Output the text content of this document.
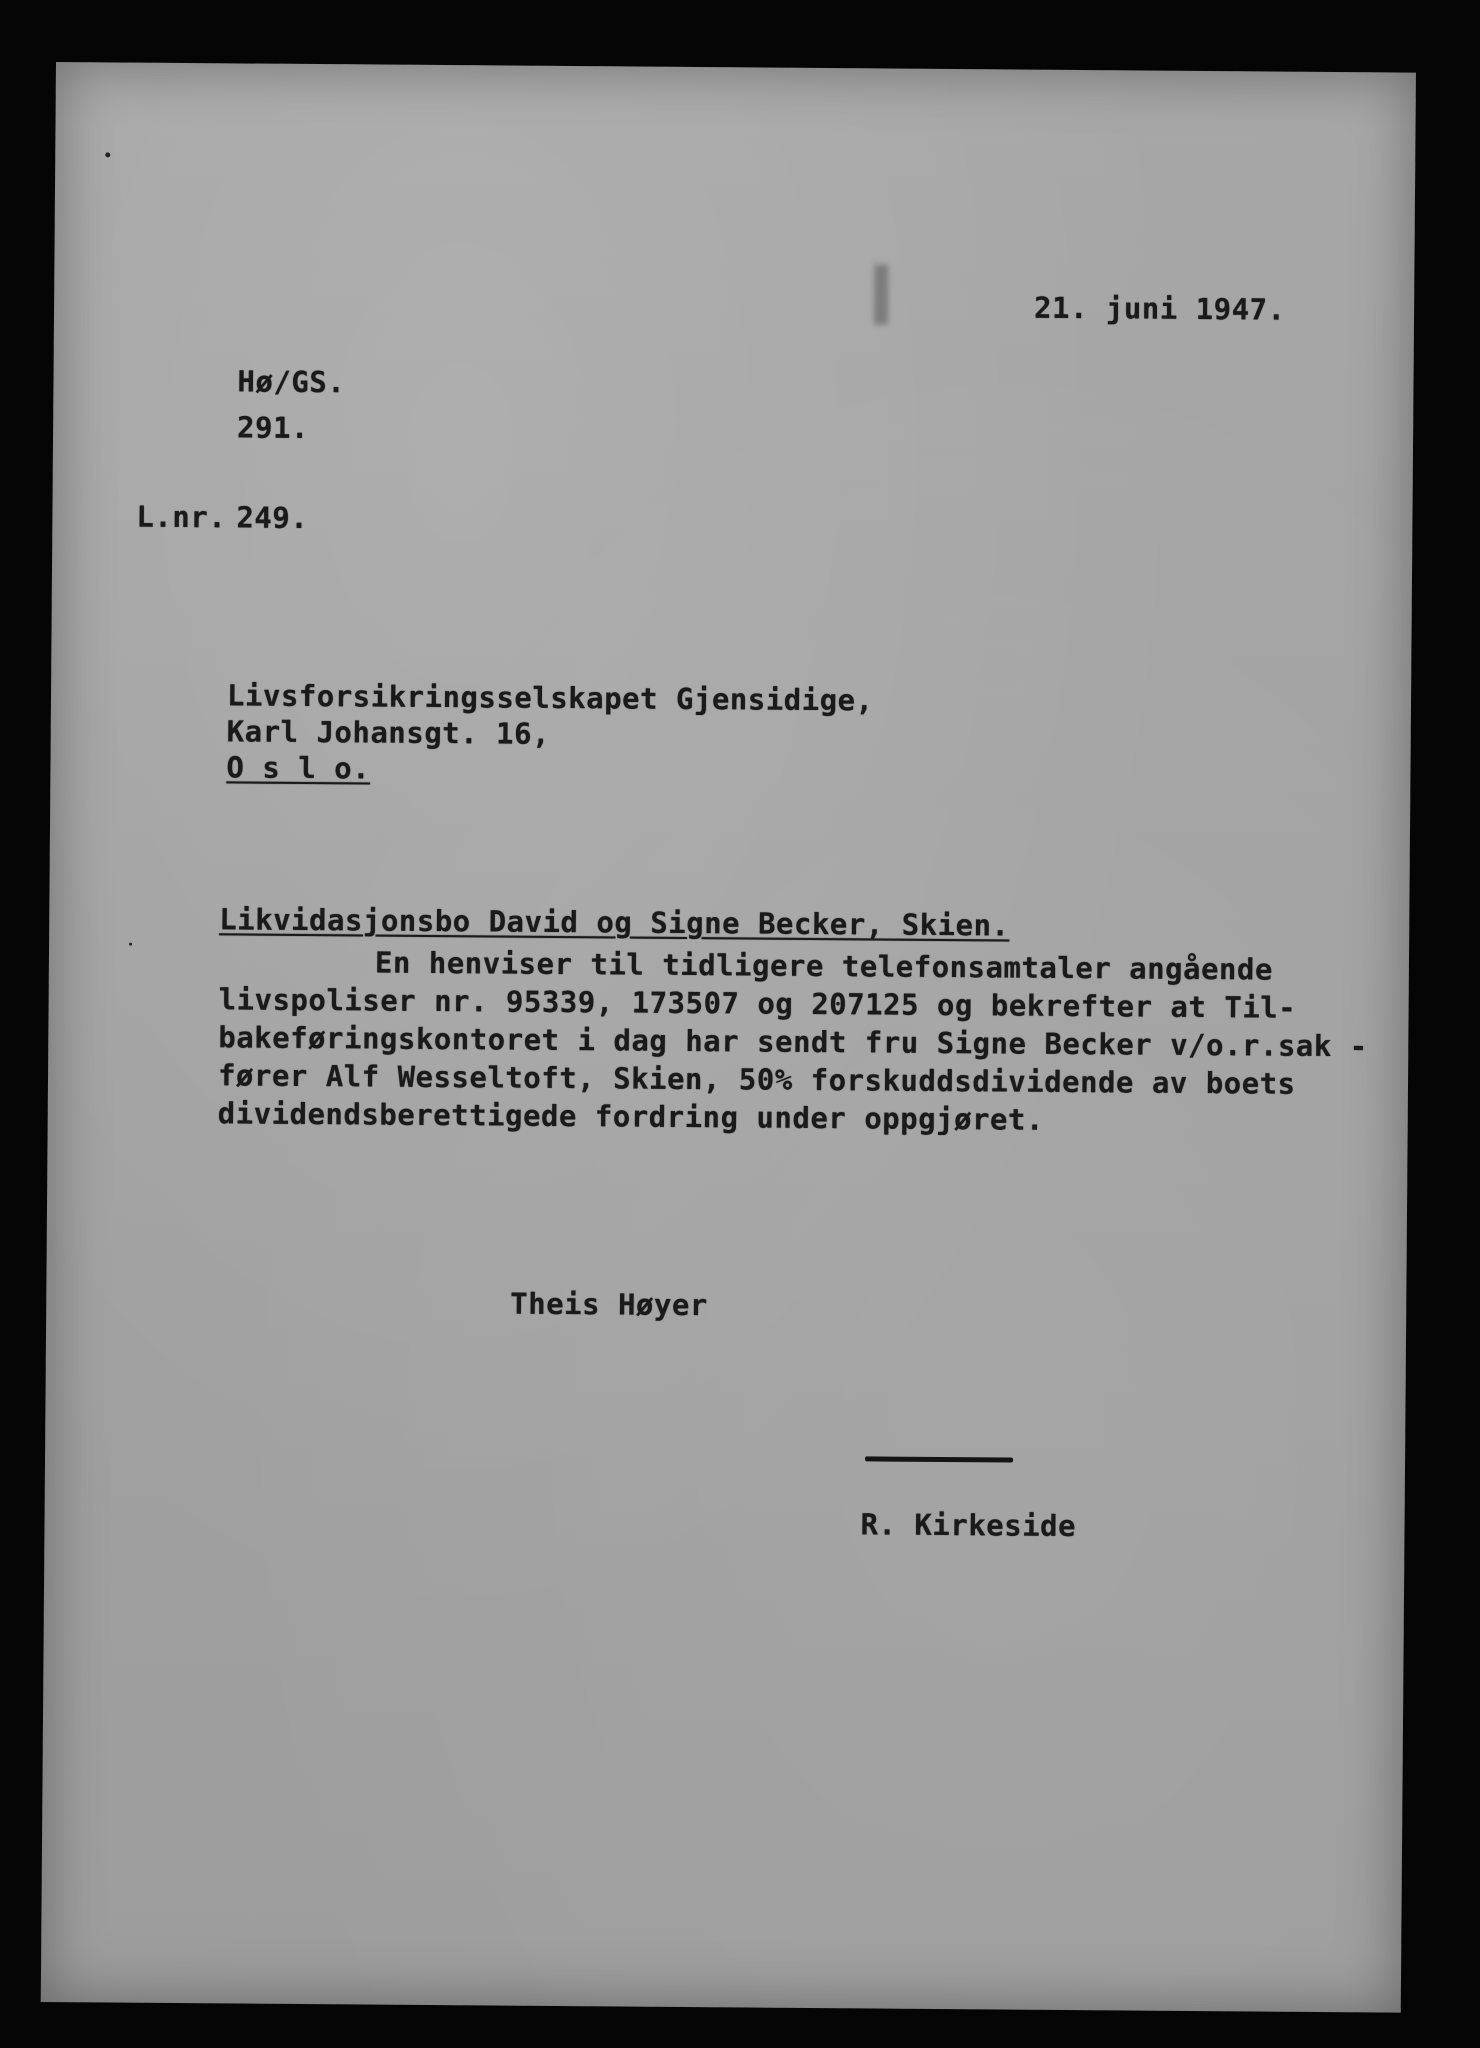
21. juni 1947.
Hø/GS.
291.
L.nr. 249.
Livsforsikringsselskapet Gjensidige,
Karl Johansgt. 16,
O s l o.
Likvidasjonsbo David og Signe Becker, Skien.
En henviser til tidligere telefonsamtaler angående
livspoliser nr. 95339, 173507 og 207125 og bekrefter at Til-
bakeføringskontoret i dag har sendt fru Signe Becker v/o.r.sak -
fører Alf Wesseltoft, Skien, 50% forskuddsdividende av boets
dividendsberettigede fordring under oppgjøret.
Theis Høyer
R. Kirkeside
